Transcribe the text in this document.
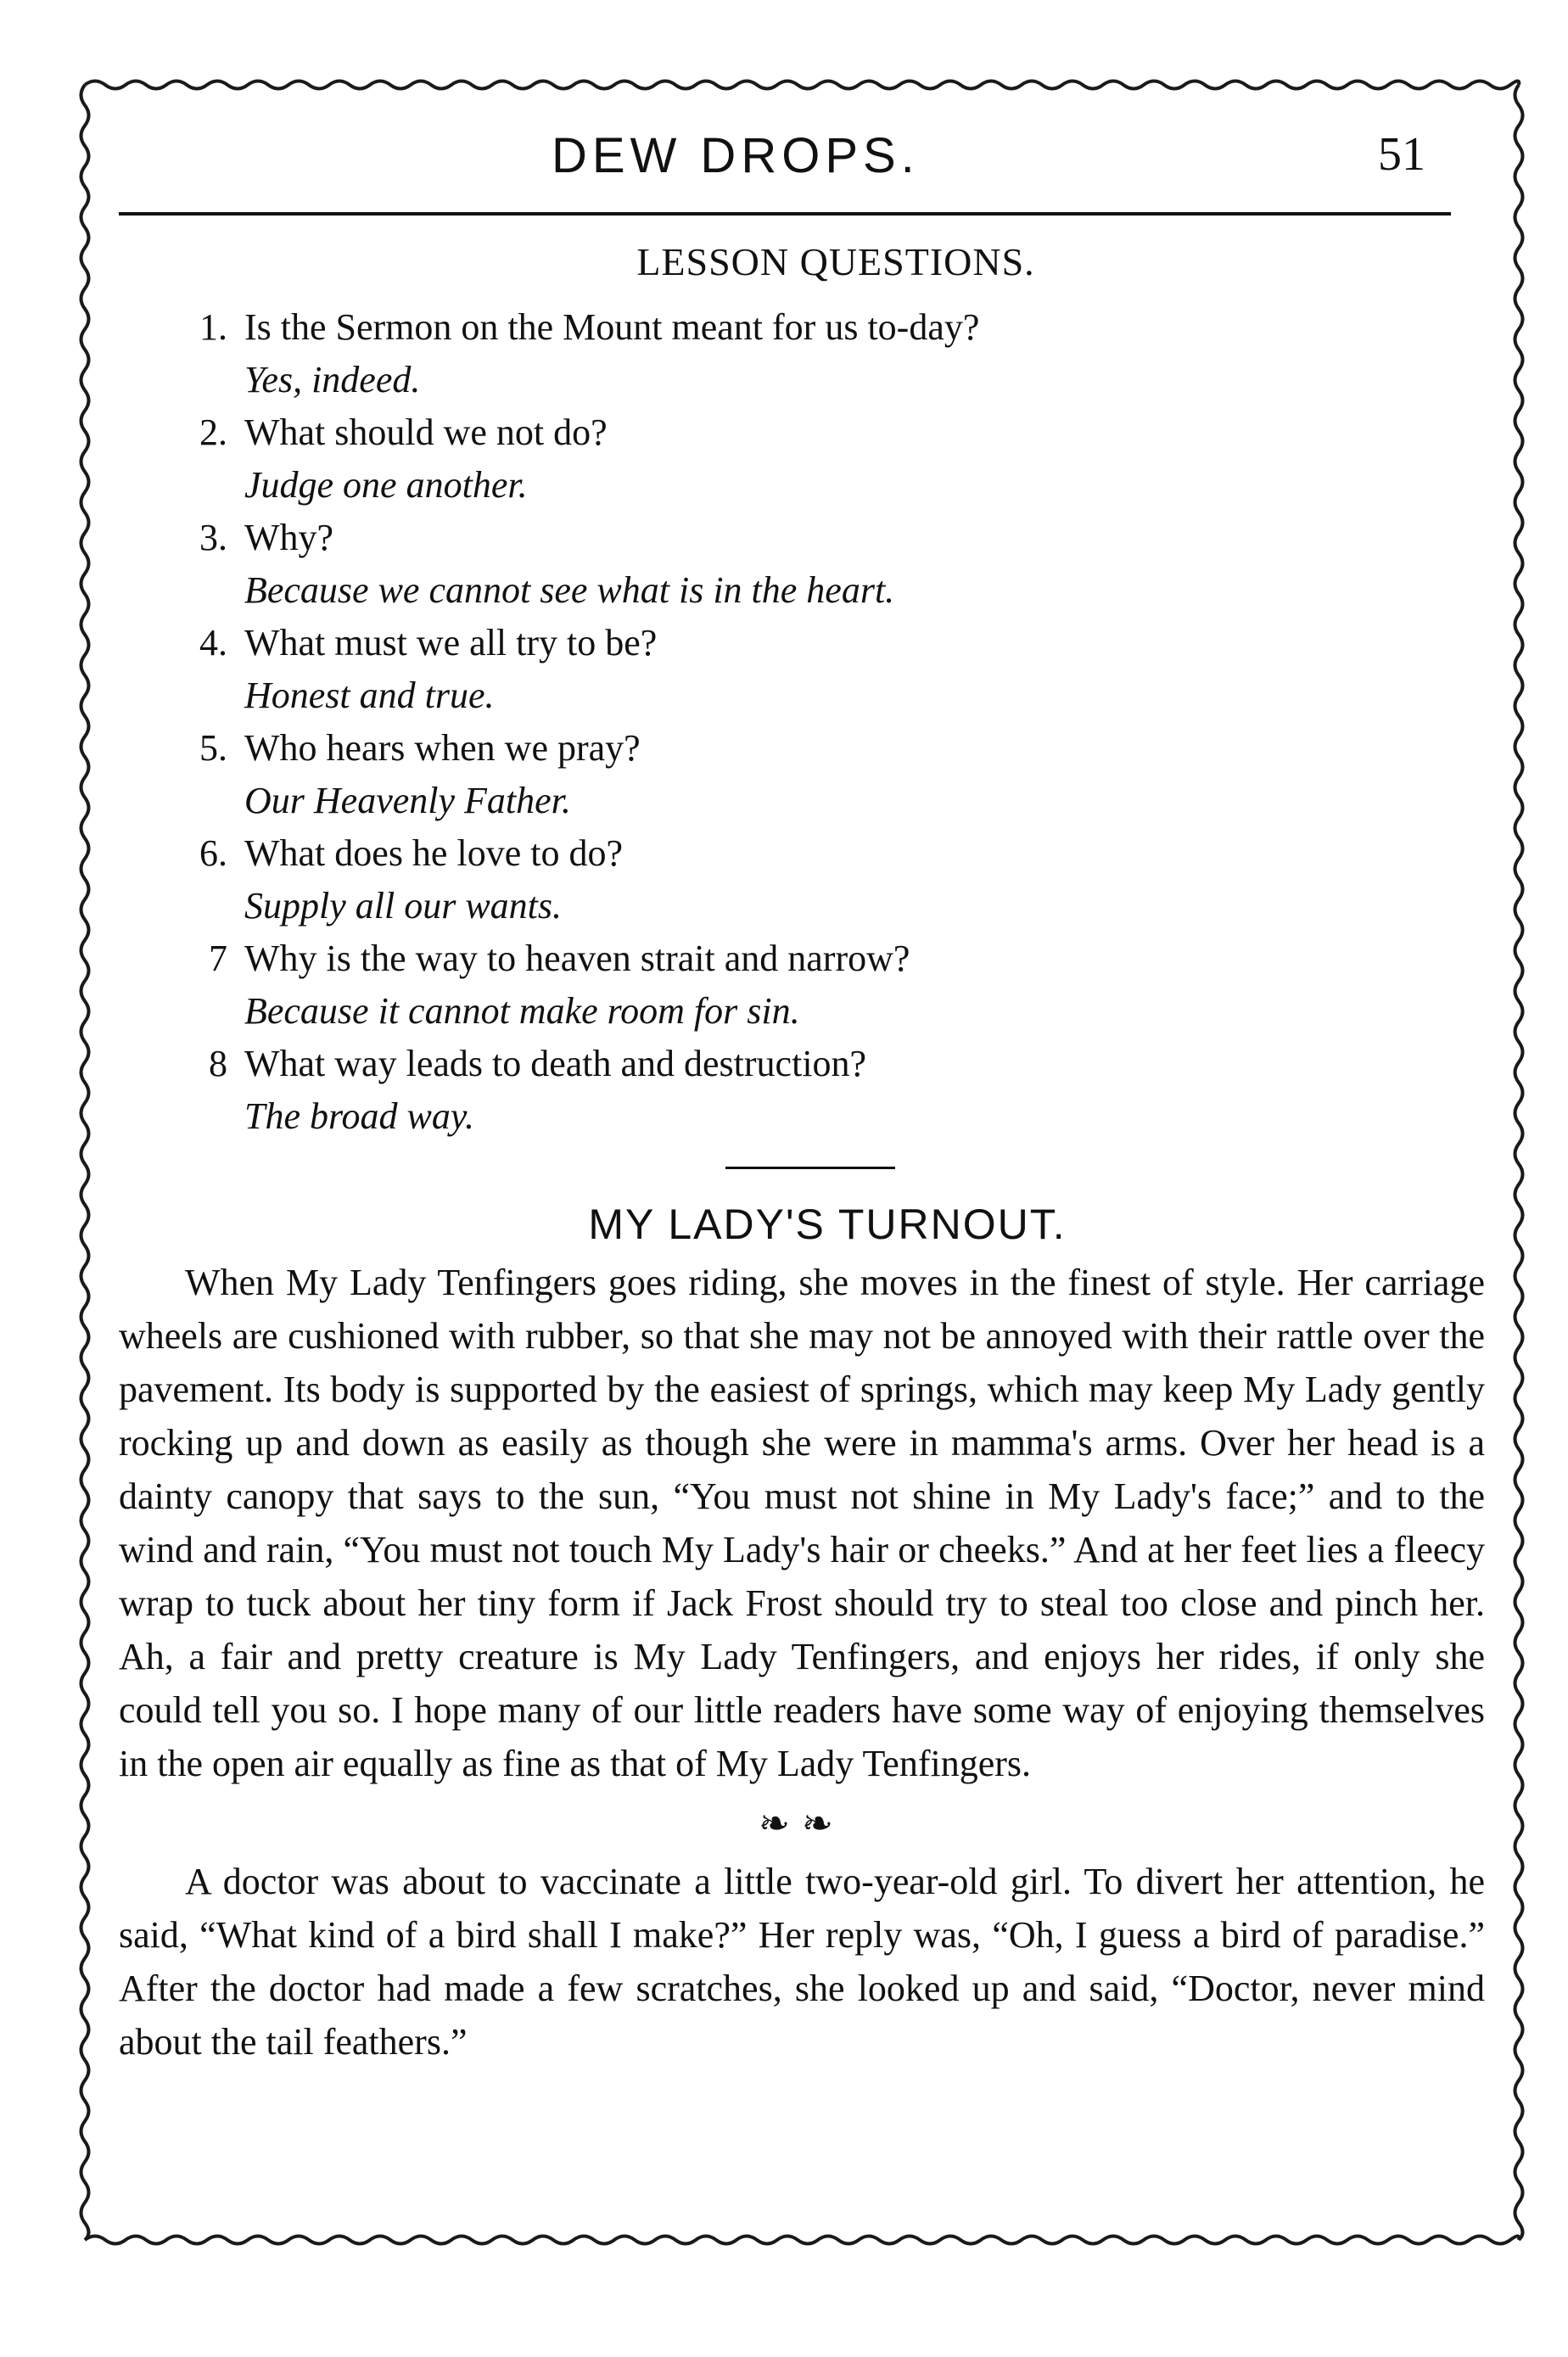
DEW DROPS.	51
LESSON QUESTIONS.
1. Is the Sermon on the Mount meant for us to-day?
Yes, indeed.
2. What should we not do?
Judge one another.
3. Why?
Because we cannot see what is in the heart.
4. What must we all try to be?
Honest and true.
5. Who hears when we pray?
Our Heavenly Father.
6. What does he love to do?
Supply all our wants.
7 Why is the way to heaven strait and narrow?
Because it cannot make room for sin.
8 What way leads to death and destruction?
The broad way.
MY LADY'S TURNOUT.

When My Lady Tenfingers goes riding, she moves in the finest of style. Her carriage wheels are cushioned with rubber, so that she may not be annoyed with their rattle over the pavement. Its body is supported by the easiest of springs, which may keep My Lady gently rocking up and down as easily as though she were in mamma's arms. Over her head is a dainty canopy that says to the sun, “You must not shine in My Lady's face;” and to the wind and rain, “You must not touch My Lady's hair or cheeks.” And at her feet lies a fleecy wrap to tuck about her tiny form if Jack Frost should try to steal too close and pinch her. Ah, a fair and pretty creature is My Lady Tenfingers, and enjoys her rides, if only she could tell you so. I hope many of our little readers have some way of enjoying themselves in the open air equally as fine as that of My Lady Tenfingers.

❧❧

A doctor was about to vaccinate a little two-year-old girl. To divert her attention, he said, “What kind of a bird shall I make?” Her reply was, “Oh, I guess a bird of paradise.” After the doctor had made a few scratches, she looked up and said, “Doctor, never mind about the tail feathers.”
